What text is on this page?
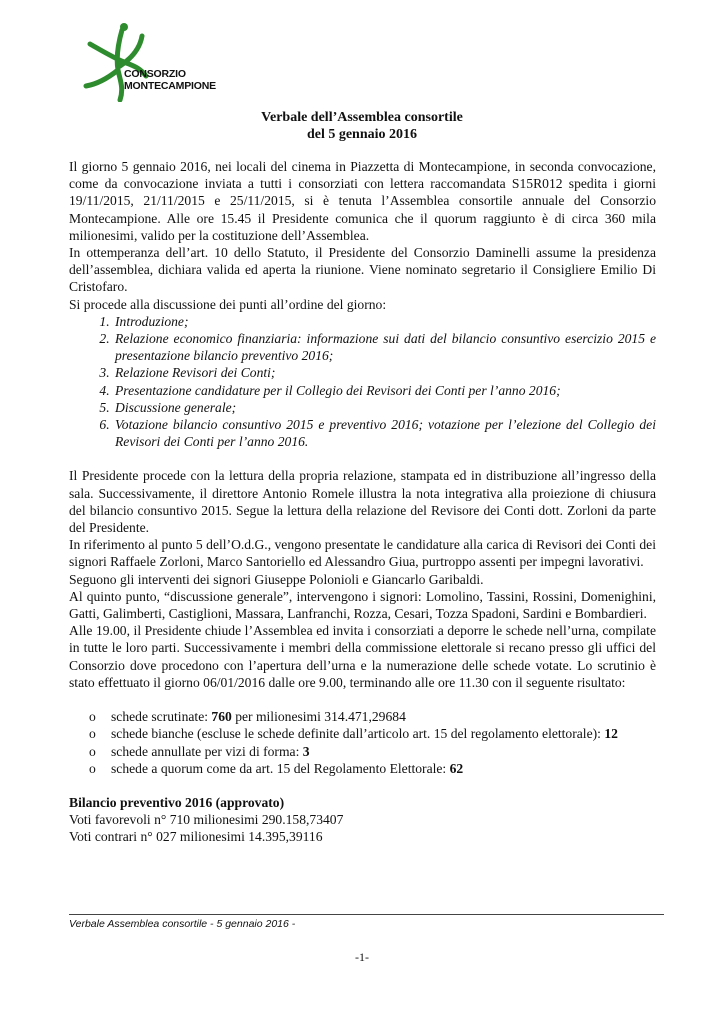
CONSORZIO
MONTECAMPIONE
Verbale dell’Assemblea consortile
del 5 gennaio 2016

Il giorno 5 gennaio 2016, nei locali del cinema in Piazzetta di Montecampione, in seconda convocazione, come da convocazione inviata a tutti i consorziati con lettera raccomandata S15R012 spedita i giorni 19/11/2015, 21/11/2015 e 25/11/2015, si è tenuta l’Assemblea consortile annuale del Consorzio Montecampione. Alle ore 15.45 il Presidente comunica che il quorum raggiunto è di circa 360 mila milionesimi, valido per la costituzione dell’Assemblea.

In ottemperanza dell’art. 10 dello Statuto, il Presidente del Consorzio Daminelli assume la presidenza dell’assemblea, dichiara valida ed aperta la riunione. Viene nominato segretario il Consigliere Emilio Di Cristofaro.

Si procede alla discussione dei punti all’ordine del giorno:

1. Introduzione;
2. Relazione economico finanziaria: informazione sui dati del bilancio consuntivo esercizio 2015 e presentazione bilancio preventivo 2016;
3. Relazione Revisori dei Conti;
4. Presentazione candidature per il Collegio dei Revisori dei Conti per l’anno 2016;
5. Discussione generale;
6. Votazione bilancio consuntivo 2015 e preventivo 2016; votazione per l’elezione del Collegio dei Revisori dei Conti per l’anno 2016.

Il Presidente procede con la lettura della propria relazione, stampata ed in distribuzione all’ingresso della sala. Successivamente, il direttore Antonio Romele illustra la nota integrativa alla proiezione di chiusura del bilancio consuntivo 2015. Segue la lettura della relazione del Revisore dei Conti dott. Zorloni da parte del Presidente.

In riferimento al punto 5 dell’O.d.G., vengono presentate le candidature alla carica di Revisori dei Conti dei signori Raffaele Zorloni, Marco Santoriello ed Alessandro Giua, purtroppo assenti per impegni lavorativi.

Seguono gli interventi dei signori Giuseppe Polonioli e Giancarlo Garibaldi.

Al quinto punto, “discussione generale”, intervengono i signori: Lomolino, Tassini, Rossini, Domenighini, Gatti, Galimberti, Castiglioni, Massara, Lanfranchi, Rozza, Cesari, Tozza Spadoni, Sardini e Bombardieri.

Alle 19.00, il Presidente chiude l’Assemblea ed invita i consorziati a deporre le schede nell’urna, compilate in tutte le loro parti. Successivamente i membri della commissione elettorale si recano presso gli uffici del Consorzio dove procedono con l’apertura dell’urna e la numerazione delle schede votate. Lo scrutinio è stato effettuato il giorno 06/01/2016 dalle ore 9.00, terminando alle ore 11.30 con il seguente risultato:

o schede scrutinate: 760 per milionesimi 314.471,29684
o schede bianche (escluse le schede definite dall’articolo art. 15 del regolamento elettorale): 12
o schede annullate per vizi di forma: 3
o schede a quorum come da art. 15 del Regolamento Elettorale: 62

Bilancio preventivo 2016 (approvato)

Voti favorevoli n° 710 milionesimi 290.158,73407

Voti contrari n° 027 milionesimi 14.395,39116

Verbale Assemblea consortile - 5 gennaio 2016 -
-1-
